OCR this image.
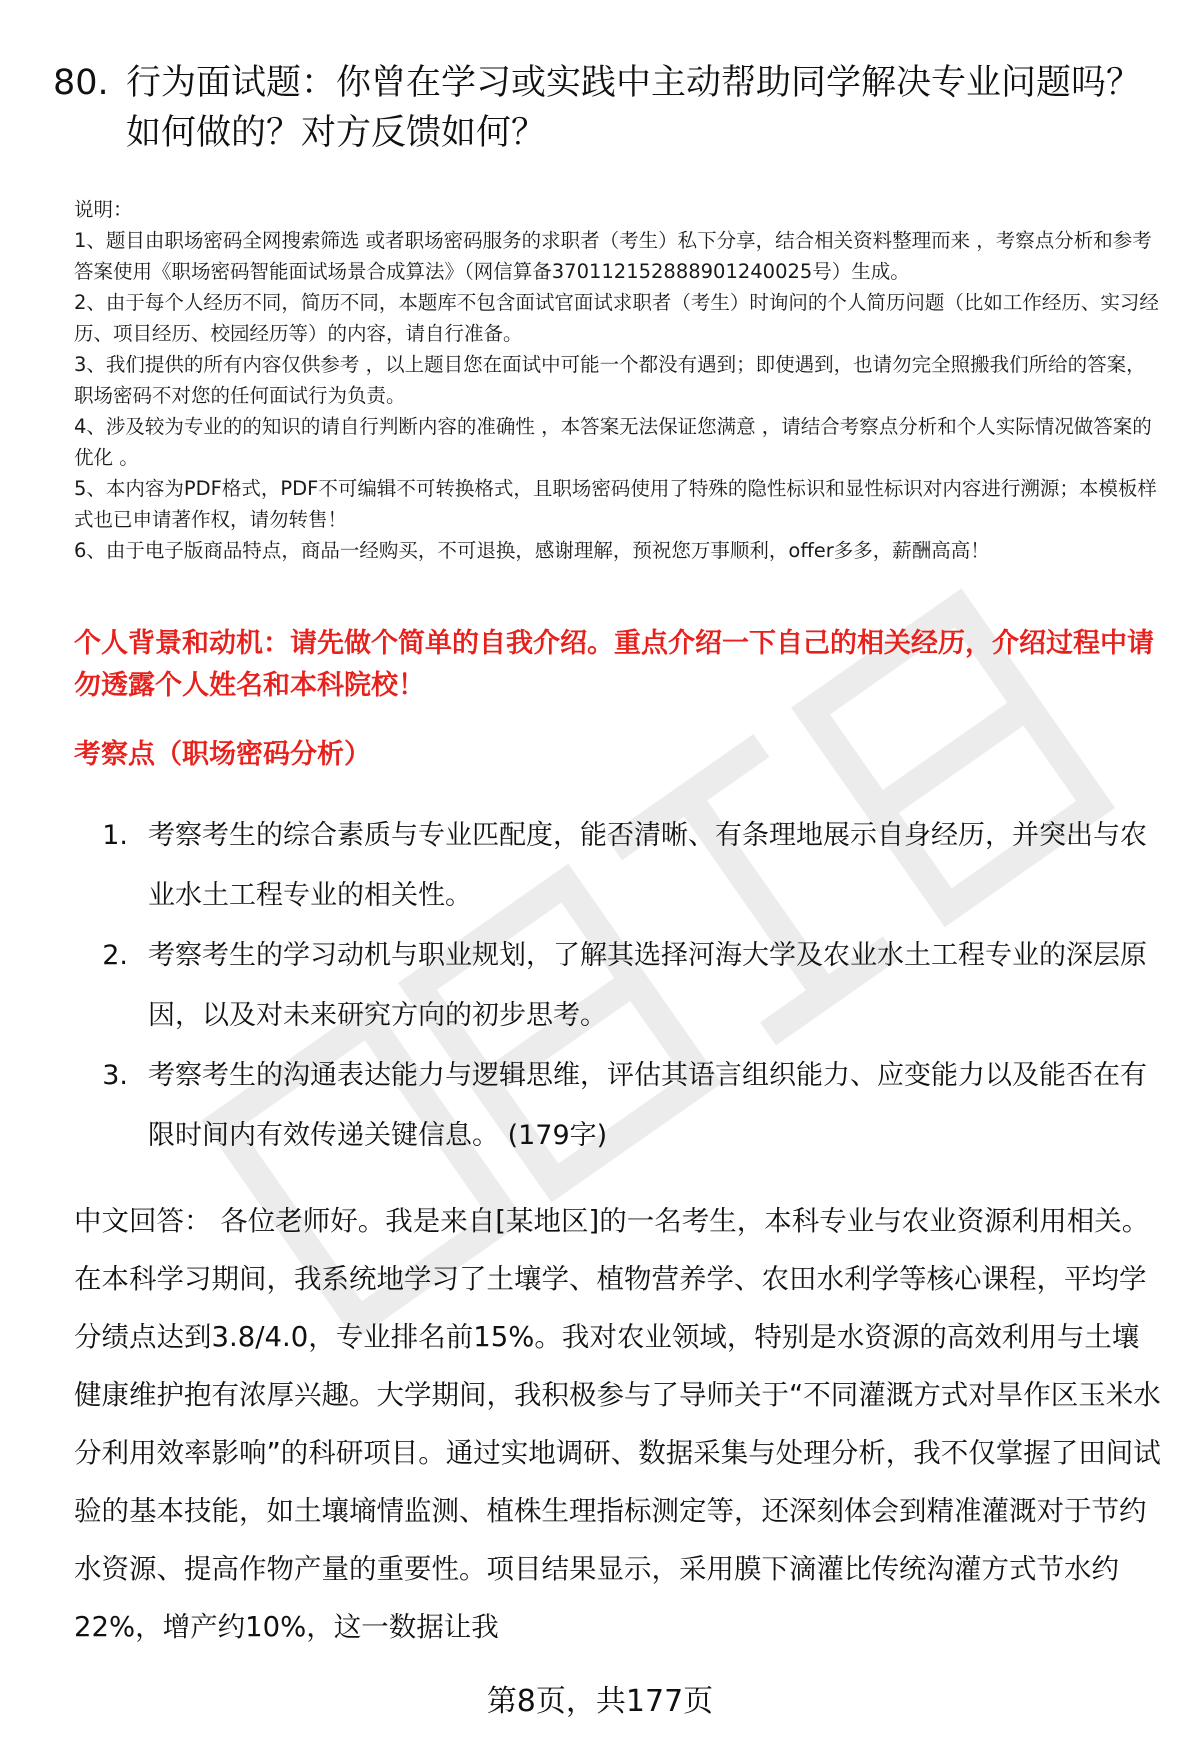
80. 行为面试题：你曾在学习或实践中主动帮助同学解决专业问题吗？如何做的？对方反馈如何？

说明：

1、题目由职场密码全网搜索筛选 或者职场密码服务的求职者（考生）私下分享，结合相关资料整理而来 ，考察点分析和参考答案使用《职场密码智能面试场景合成算法》（网信算备370112152888901240025号）生成。

2、由于每个人经历不同，简历不同，本题库不包含面试官面试求职者（考生）时询问的个人简历问题（比如工作经历、实习经历、项目经历、校园经历等）的内容，请自行准备。

3、我们提供的所有内容仅供参考 ，以上题目您在面试中可能一个都没有遇到；即使遇到，也请勿完全照搬我们所给的答案，职场密码不对您的任何面试行为负责。

4、涉及较为专业的的知识的请自行判断内容的准确性 ，本答案无法保证您满意 ，请结合考察点分析和个人实际情况做答案的优化 。

5、本内容为PDF格式，PDF不可编辑不可转换格式，且职场密码使用了特殊的隐性标识和显性标识对内容进行溯源；本模板样式也已申请著作权，请勿转售！

6、由于电子版商品特点，商品一经购买，不可退换，感谢理解，预祝您万事顺利，offer多多，薪酬高高！

个人背景和动机：请先做个简单的自我介绍。重点介绍一下自己的相关经历，介绍过程中请勿透露个人姓名和本科院校！
考察点（职场密码分析）
1. 考察考生的综合素质与专业匹配度，能否清晰、有条理地展示自身经历，并突出与农业水土工程专业的相关性。
2. 考察考生的学习动机与职业规划，了解其选择河海大学及农业水土工程专业的深层原因，以及对未来研究方向的初步思考。
3. 考察考生的沟通表达能力与逻辑思维，评估其语言组织能力、应变能力以及能否在有限时间内有效传递关键信息。 (179字)

中文回答： 各位老师好。我是来自[某地区]的一名考生，本科专业与农业资源利用相关。在本科学习期间，我系统地学习了土壤学、植物营养学、农田水利学等核心课程，平均学分绩点达到3.8/4.0，专业排名前15%。我对农业领域，特别是水资源的高效利用与土壤健康维护抱有浓厚兴趣。大学期间，我积极参与了导师关于“不同灌溉方式对旱作区玉米水分利用效率影响”的科研项目。通过实地调研、数据采集与处理分析，我不仅掌握了田间试验的基本技能，如土壤墒情监测、植株生理指标测定等，还深刻体会到精准灌溉对于节约水资源、提高作物产量的重要性。项目结果显示，采用膜下滴灌比传统沟灌方式节水约22%，增产约10%，这一数据让我

第8页，共177页
